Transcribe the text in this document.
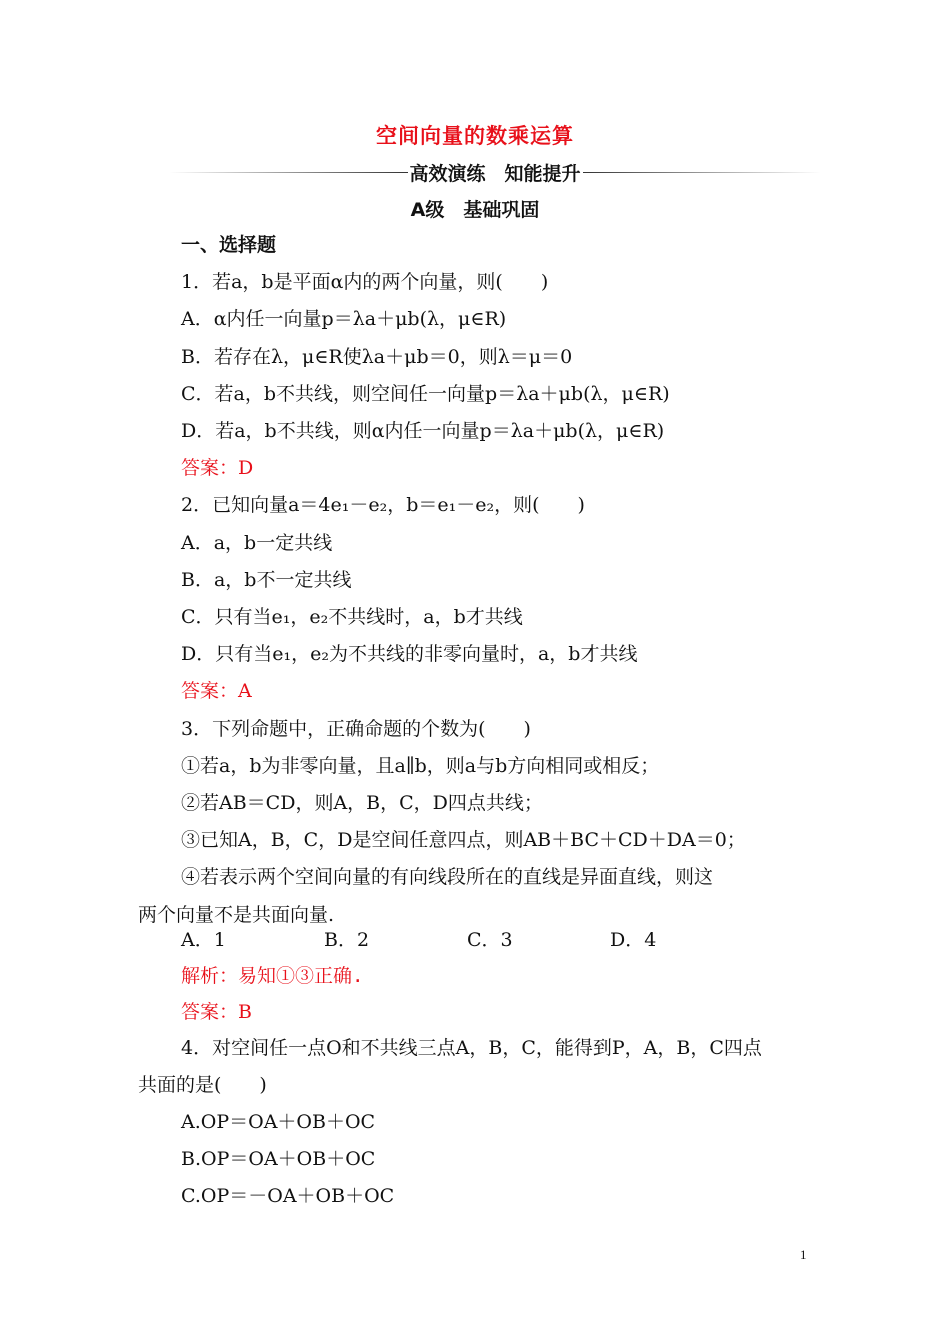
空间向量的数乘运算
高效演练　知能提升
A级　基础巩固
一、选择题
1．若a，b是平面α内的两个向量，则(　　)
A．α内任一向量p＝λa＋μb(λ，μ∈R)
B．若存在λ，μ∈R使λa＋μb＝0，则λ＝μ＝0
C．若a，b不共线，则空间任一向量p＝λa＋μb(λ，μ∈R)
D．若a，b不共线，则α内任一向量p＝λa＋μb(λ，μ∈R)
答案：D
2．已知向量a＝4e₁－e₂，b＝e₁－e₂，则(　　)
A．a，b一定共线
B．a，b不一定共线
C．只有当e₁，e₂不共线时，a，b才共线
D．只有当e₁，e₂为不共线的非零向量时，a，b才共线
答案：A
3．下列命题中，正确命题的个数为(　　)
①若a，b为非零向量，且a∥b，则a与b方向相同或相反；
②若AB＝CD，则A，B，C，D四点共线；
③已知A，B，C，D是空间任意四点，则AB＋BC＋CD＋DA＝0；
④若表示两个空间向量的有向线段所在的直线是异面直线，则这
两个向量不是共面向量.
A．1	B．2	C．3	D．4
解析：易知①③正确.
答案：B
4．对空间任一点O和不共线三点A，B，C，能得到P，A，B，C四点
共面的是(　　)
A.OP＝OA＋OB＋OC
B.OP＝OA＋OB＋OC
C.OP＝－OA＋OB＋OC
1
